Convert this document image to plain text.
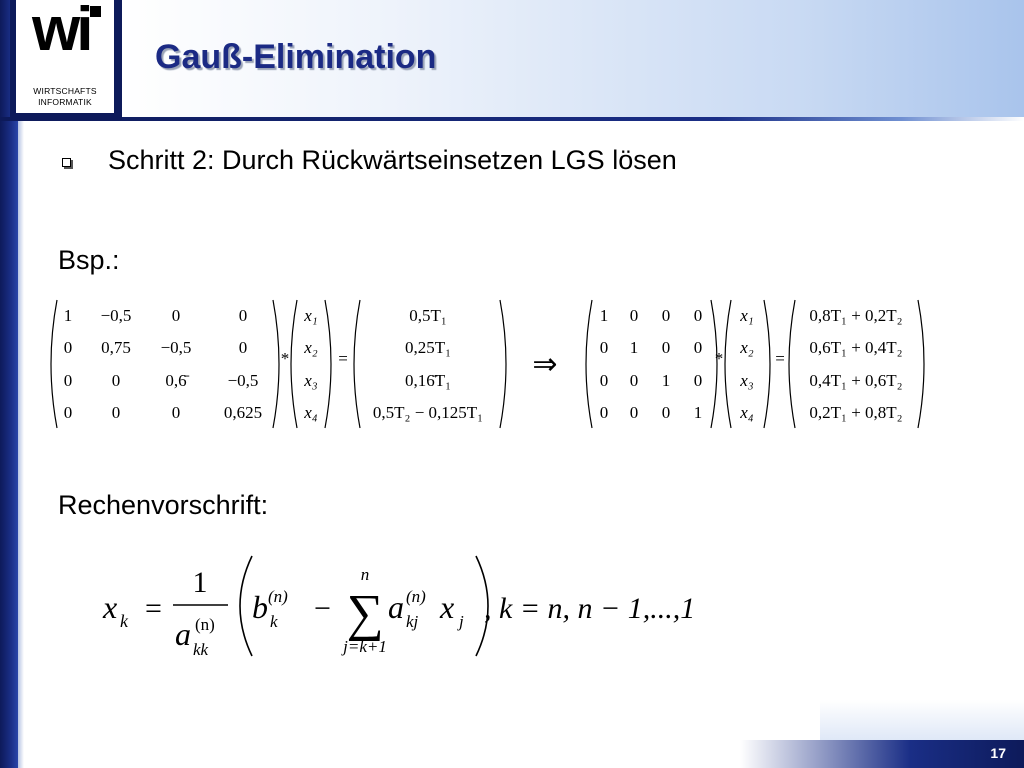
wi
WIRTSCHAFTS
INFORMATIK
Gauß-Elimination
Schritt 2: Durch Rückwärtseinsetzen LGS lösen
Bsp.:
1 −0,5 0	0
0 0,75 −0,5	0
0 0	0,6̄ −0,5
0 0	0	0,625
*
x₁
x₂
x₃
x₄
=
0,5T₁
0,25T₁
0,16̄T₁
0,5T₂ − 0,125T₁
1 0 0 0
0 1 0 0
0 0 1 0
0 0 0 1
*
x₁
x₂
x₃
x₄
=
0,8T₁ + 0,2T₂
0,6T₁ + 0,4T₂
0,4T₁ + 0,6T₂
0,2T₁ + 0,8T₂
⇒
Rechenvorschrift:
x k =
1
a (n)
kk
b (n)
k −
n
∑
j=k+1
a (n)
kj x j , k = n, n − 1,...,1
17
